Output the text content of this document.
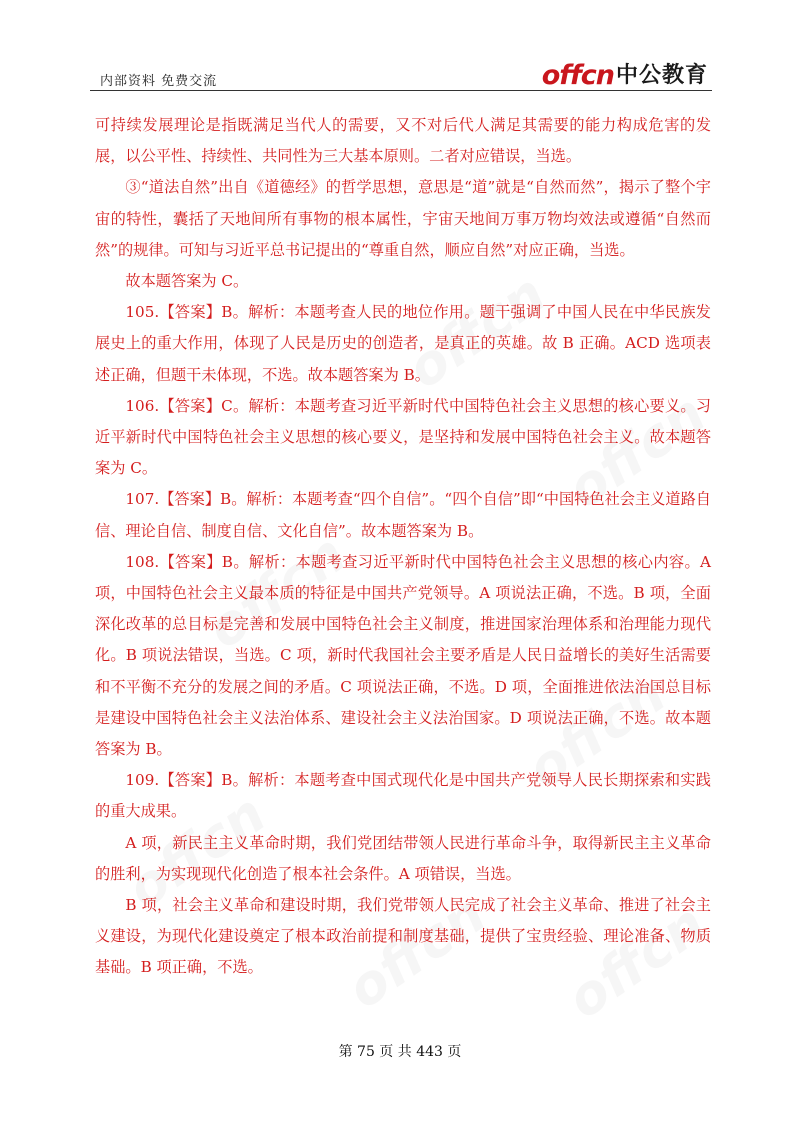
内部资料 免费交流	offcn 中公教育

可持续发展理论是指既满足当代人的需要，又不对后代人满足其需要的能力构成危害的发展，以公平性、持续性、共同性为三大基本原则。二者对应错误，当选。

③“道法自然”出自《道德经》的哲学思想，意思是“道”就是“自然而然”，揭示了整个宇宙的特性，囊括了天地间所有事物的根本属性，宇宙天地间万事万物均效法或遵循“自然而然”的规律。可知与习近平总书记提出的“尊重自然，顺应自然”对应正确，当选。

故本题答案为 C。

105.【答案】B。解析：本题考查人民的地位作用。题干强调了中国人民在中华民族发展史上的重大作用，体现了人民是历史的创造者，是真正的英雄。故 B 正确。ACD 选项表述正确，但题干未体现，不选。故本题答案为 B。

106.【答案】C。解析：本题考查习近平新时代中国特色社会主义思想的核心要义。习近平新时代中国特色社会主义思想的核心要义，是坚持和发展中国特色社会主义。故本题答案为 C。

107.【答案】B。解析：本题考查“四个自信”。“四个自信”即“中国特色社会主义道路自信、理论自信、制度自信、文化自信”。故本题答案为 B。

108.【答案】B。解析：本题考查习近平新时代中国特色社会主义思想的核心内容。A 项，中国特色社会主义最本质的特征是中国共产党领导。A 项说法正确，不选。B 项，全面深化改革的总目标是完善和发展中国特色社会主义制度，推进国家治理体系和治理能力现代化。B 项说法错误，当选。C 项，新时代我国社会主要矛盾是人民日益增长的美好生活需要和不平衡不充分的发展之间的矛盾。C 项说法正确，不选。D 项，全面推进依法治国总目标是建设中国特色社会主义法治体系、建设社会主义法治国家。D 项说法正确，不选。故本题答案为 B。

109.【答案】B。解析：本题考查中国式现代化是中国共产党领导人民长期探索和实践的重大成果。

A 项，新民主主义革命时期，我们党团结带领人民进行革命斗争，取得新民主主义革命的胜利，为实现现代化创造了根本社会条件。A 项错误，当选。

B 项，社会主义革命和建设时期，我们党带领人民完成了社会主义革命、推进了社会主义建设，为现代化建设奠定了根本政治前提和制度基础，提供了宝贵经验、理论准备、物质基础。B 项正确，不选。

第 75 页 共 443 页
